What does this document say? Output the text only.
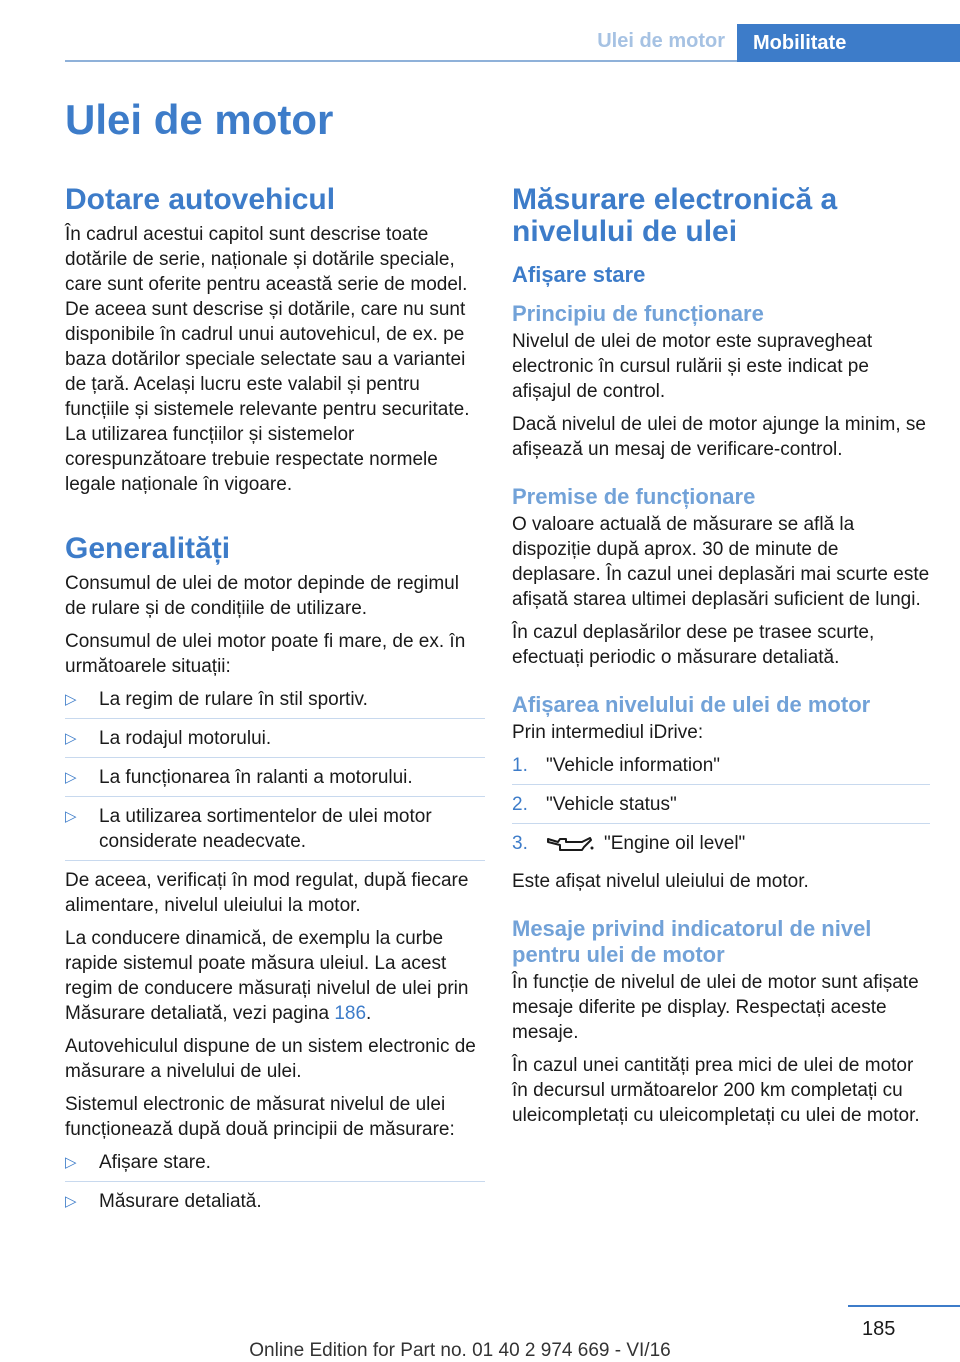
Ulei de motor	Mobilitate
Ulei de motor
Dotare autovehicul

În cadrul acestui capitol sunt descrise toate dotările de serie, naționale și dotările speciale, care sunt oferite pentru această serie de model. De aceea sunt descrise și dotările, care nu sunt disponibile în cadrul unui autovehicul, de ex. pe baza dotărilor speciale selectate sau a variantei de țară. Același lucru este valabil și pentru funcțiile și sistemele relevante pentru securitate. La utilizarea funcțiilor și sistemelor corespunzătoare trebuie respectate normele legale naționale în vigoare.

Generalități

Consumul de ulei de motor depinde de regimul de rulare și de condițiile de utilizare.

Consumul de ulei motor poate fi mare, de ex. în următoarele situații:

▷ La regim de rulare în stil sportiv.
▷ La rodajul motorului.
▷ La funcționarea în ralanti a motorului.
▷ La utilizarea sortimentelor de ulei motor considerate neadecvate.

De aceea, verificați în mod regulat, după fiecare alimentare, nivelul uleiului la motor.

La conducere dinamică, de exemplu la curbe rapide sistemul poate măsura uleiul. La acest regim de conducere măsurați nivelul de ulei prin Măsurare detaliată, vezi pagina 186.

Autovehiculul dispune de un sistem electronic de măsurare a nivelului de ulei.

Sistemul electronic de măsurat nivelul de ulei funcționează după două principii de măsurare:

▷ Afișare stare.
▷ Măsurare detaliată.
Măsurare electronică a nivelului de ulei
Afișare stare
Principiu de funcționare

Nivelul de ulei de motor este supravegheat electronic în cursul rulării și este indicat pe afișajul de control.

Dacă nivelul de ulei de motor ajunge la minim, se afișează un mesaj de verificare-control.

Premise de funcționare

O valoare actuală de măsurare se află la dispoziție după aprox. 30 de minute de deplasare. În cazul unei deplasări mai scurte este afișată starea ultimei deplasări suficient de lungi.

În cazul deplasărilor dese pe trasee scurte, efectuați periodic o măsurare detaliată.

Afișarea nivelului de ulei de motor

Prin intermediul iDrive:

1. "Vehicle information"
2. "Vehicle status"
3.	"Engine oil level"

Este afișat nivelul uleiului de motor.

Mesaje privind indicatorul de nivel pentru ulei de motor

În funcție de nivelul de ulei de motor sunt afișate mesaje diferite pe display. Respectați aceste mesaje.

În cazul unei cantități prea mici de ulei de motor în decursul următoarelor 200 km completați cu uleicompletați cu uleicompletați cu ulei de motor.

185
Online Edition for Part no. 01 40 2 974 669 - VI/16
